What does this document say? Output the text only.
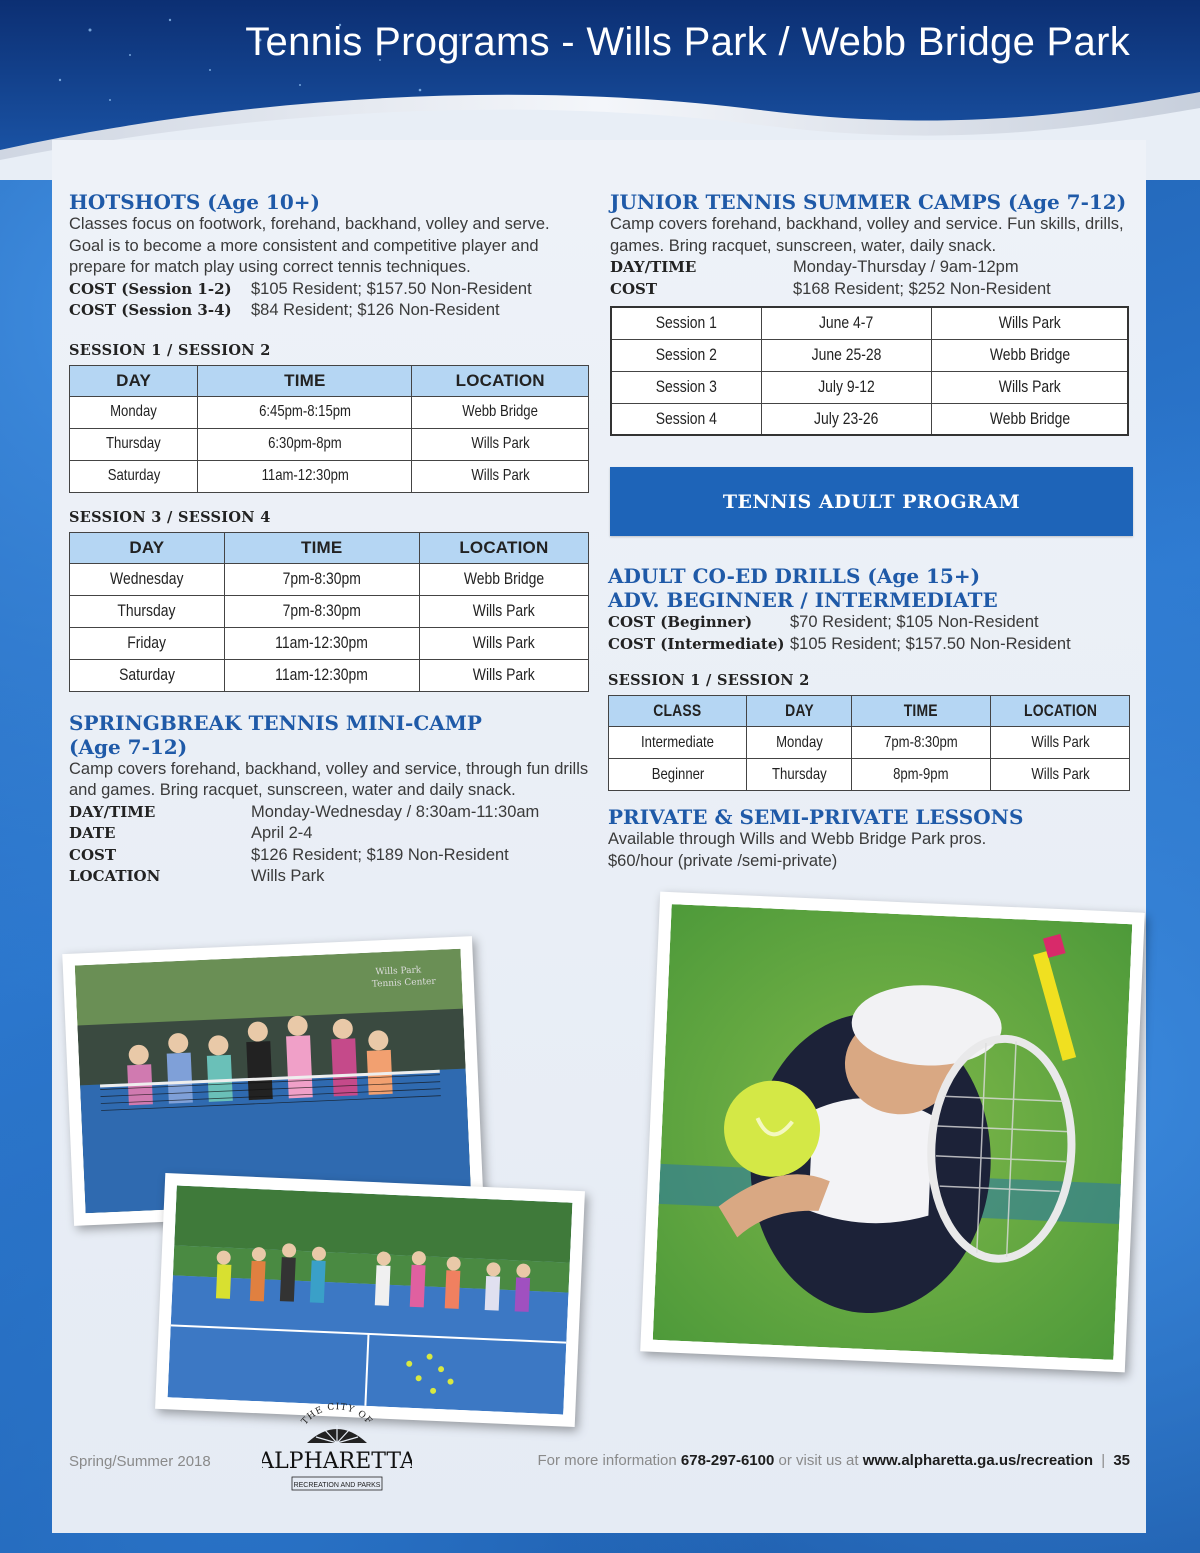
Tennis Programs - Wills Park / Webb Bridge Park
HOTSHOTS (Age 10+)

Classes focus on footwork, forehand, backhand, volley and serve. Goal is to become a more consistent and competitive player and prepare for match play using correct tennis techniques.

COST (Session 1-2)	$105 Resident; $157.50 Non-Resident
COST (Session 3-4)	$84 Resident; $126 Non-Resident
SESSION 1 / SESSION 2
DAY	TIME	LOCATION
Monday	6:45pm-8:15pm	Webb Bridge
Thursday	6:30pm-8pm	Wills Park
Saturday	11am-12:30pm	Wills Park
SESSION 3 / SESSION 4
DAY	TIME	LOCATION
Wednesday	7pm-8:30pm	Webb Bridge
Thursday	7pm-8:30pm	Wills Park
Friday	11am-12:30pm	Wills Park
Saturday	11am-12:30pm	Wills Park
SPRINGBREAK TENNIS MINI-CAMP
(Age 7-12)

Camp covers forehand, backhand, volley and service, through fun drills and games. Bring racquet, sunscreen, water and daily snack.

DAY/TIME	Monday-Wednesday / 8:30am-11:30am
DATE	April 2-4
COST	$126 Resident; $189 Non-Resident
LOCATION	Wills Park
JUNIOR TENNIS SUMMER CAMPS (Age 7-12)

Camp covers forehand, backhand, volley and service. Fun skills, drills, games. Bring racquet, sunscreen, water, daily snack.

DAY/TIME	Monday-Thursday / 9am-12pm
COST	$168 Resident; $252 Non-Resident
Session 1	June 4-7	Wills Park
Session 2	June 25-28	Webb Bridge
Session 3	July 9-12	Wills Park
Session 4	July 23-26	Webb Bridge
TENNIS ADULT PROGRAM
ADULT CO-ED DRILLS (Age 15+)
ADV. BEGINNER / INTERMEDIATE
COST (Beginner)	$70 Resident; $105 Non-Resident
COST (Intermediate) $105 Resident; $157.50 Non-Resident
SESSION 1 / SESSION 2
CLASS	DAY	TIME	LOCATION
Intermediate	Monday	7pm-8:30pm	Wills Park
Beginner	Thursday	8pm-9pm	Wills Park
PRIVATE & SEMI-PRIVATE LESSONS

Available through Wills and Webb Bridge Park pros.

$60/hour (private /semi-private)

Wills Park
Tennis Center
Spring/Summer 2018
THE CITY OF
ALPHARETTA
RECREATION AND PARKS
For more information 678-297-6100 or visit us at www.alpharetta.ga.us/recreation | 35
